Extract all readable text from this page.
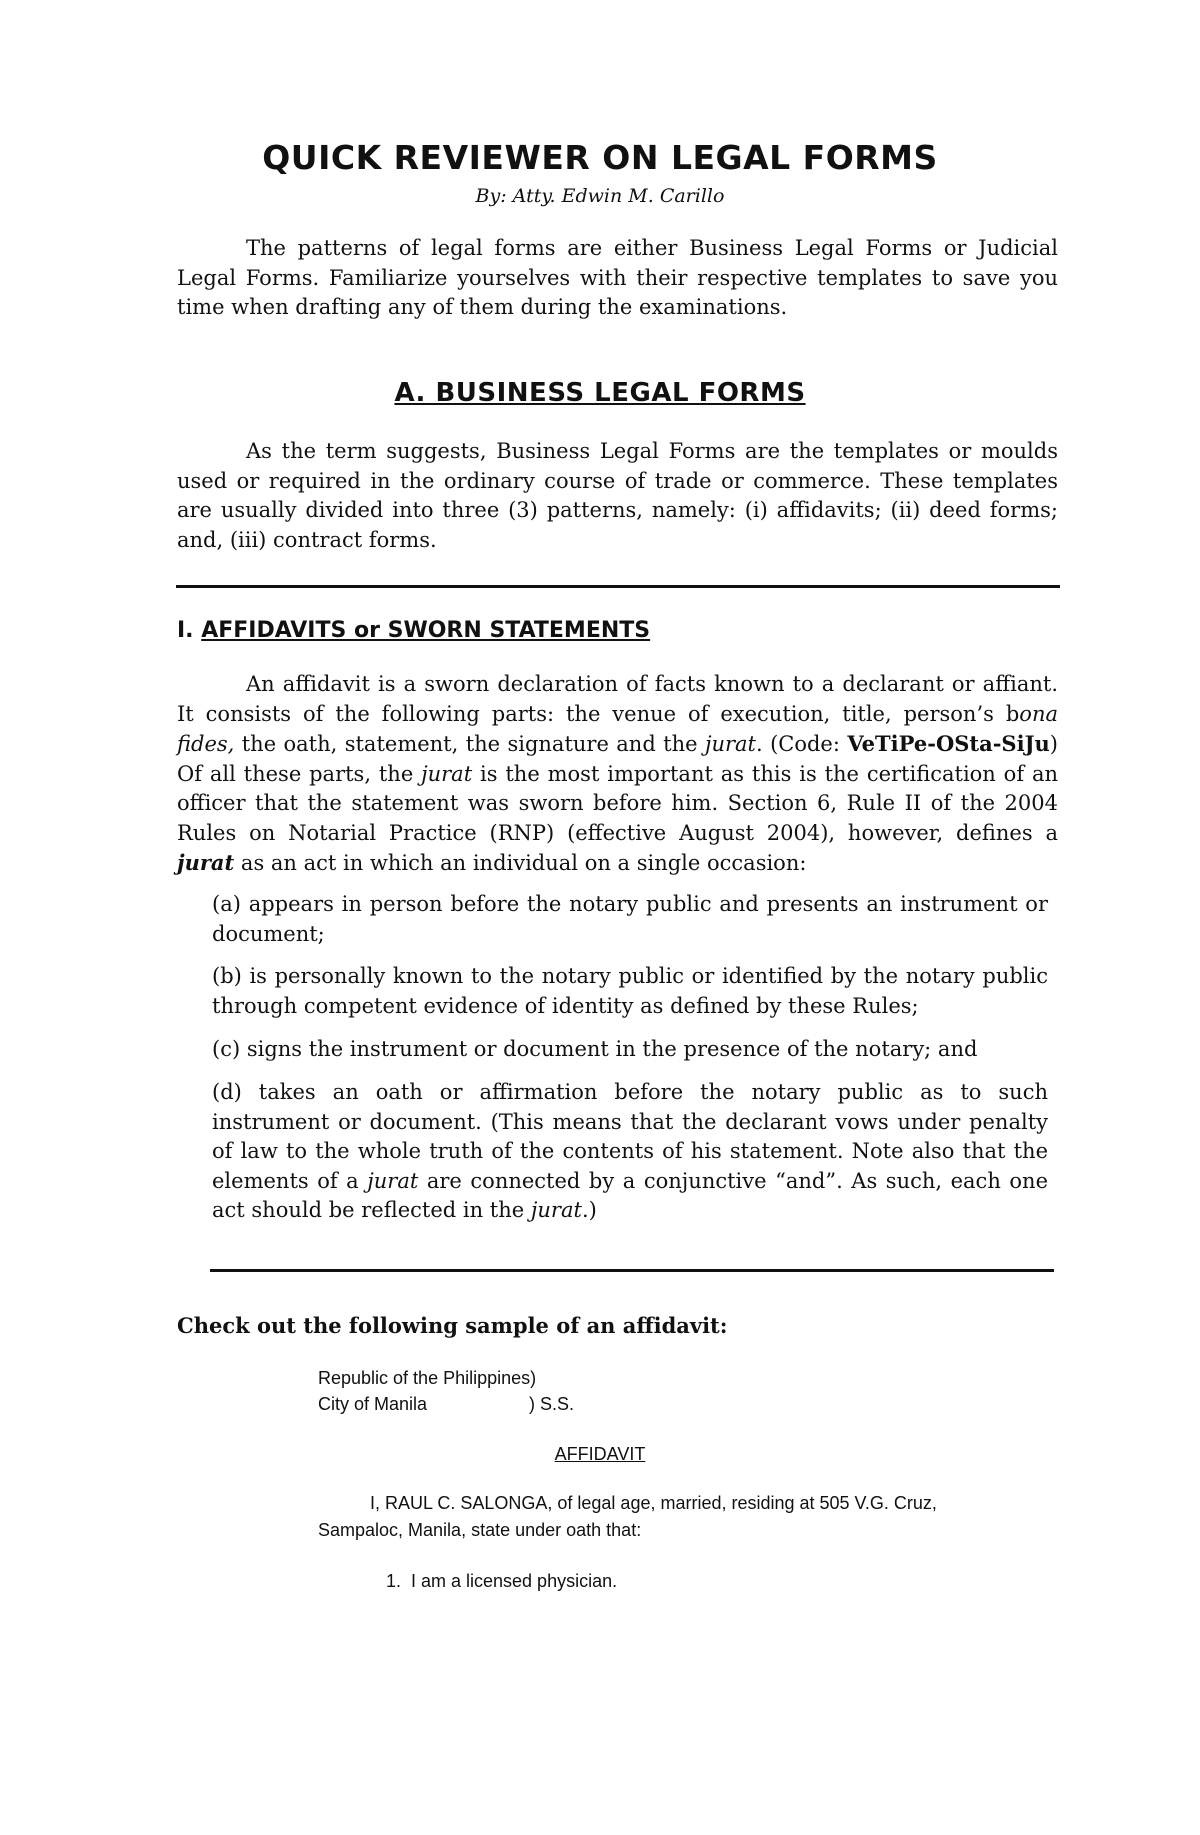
QUICK REVIEWER ON LEGAL FORMS
By: Atty. Edwin M. Carillo
The patterns of legal forms are either Business Legal Forms or Judicial Legal Forms. Familiarize yourselves with their respective templates to save you time when drafting any of them during the examinations.
A. BUSINESS LEGAL FORMS
As the term suggests, Business Legal Forms are the templates or moulds used or required in the ordinary course of trade or commerce. These templates are usually divided into three (3) patterns, namely: (i) affidavits; (ii) deed forms; and, (iii) contract forms.
I. AFFIDAVITS or SWORN STATEMENTS
An affidavit is a sworn declaration of facts known to a declarant or affiant. It consists of the following parts: the venue of execution, title, person’s bona fides, the oath, statement, the signature and the jurat. (Code: VeTiPe-OSta-SiJu) Of all these parts, the jurat is the most important as this is the certification of an officer that the statement was sworn before him. Section 6, Rule II of the 2004 Rules on Notarial Practice (RNP) (effective August 2004), however, defines a jurat as an act in which an individual on a single occasion:
(a) appears in person before the notary public and presents an instrument or document;
(b) is personally known to the notary public or identified by the notary public through competent evidence of identity as defined by these Rules;
(c) signs the instrument or document in the presence of the notary; and
(d) takes an oath or affirmation before the notary public as to such instrument or document. (This means that the declarant vows under penalty of law to the whole truth of the contents of his statement. Note also that the elements of a jurat are connected by a conjunctive “and”. As such, each one act should be reflected in the jurat.)
Check out the following sample of an affidavit:
Republic of the Philippines)
City of Manila	) S.S.
AFFIDAVIT
I, RAUL C. SALONGA, of legal age, married, residing at 505 V.G. Cruz, Sampaloc, Manila, state under oath that:
1. I am a licensed physician.
